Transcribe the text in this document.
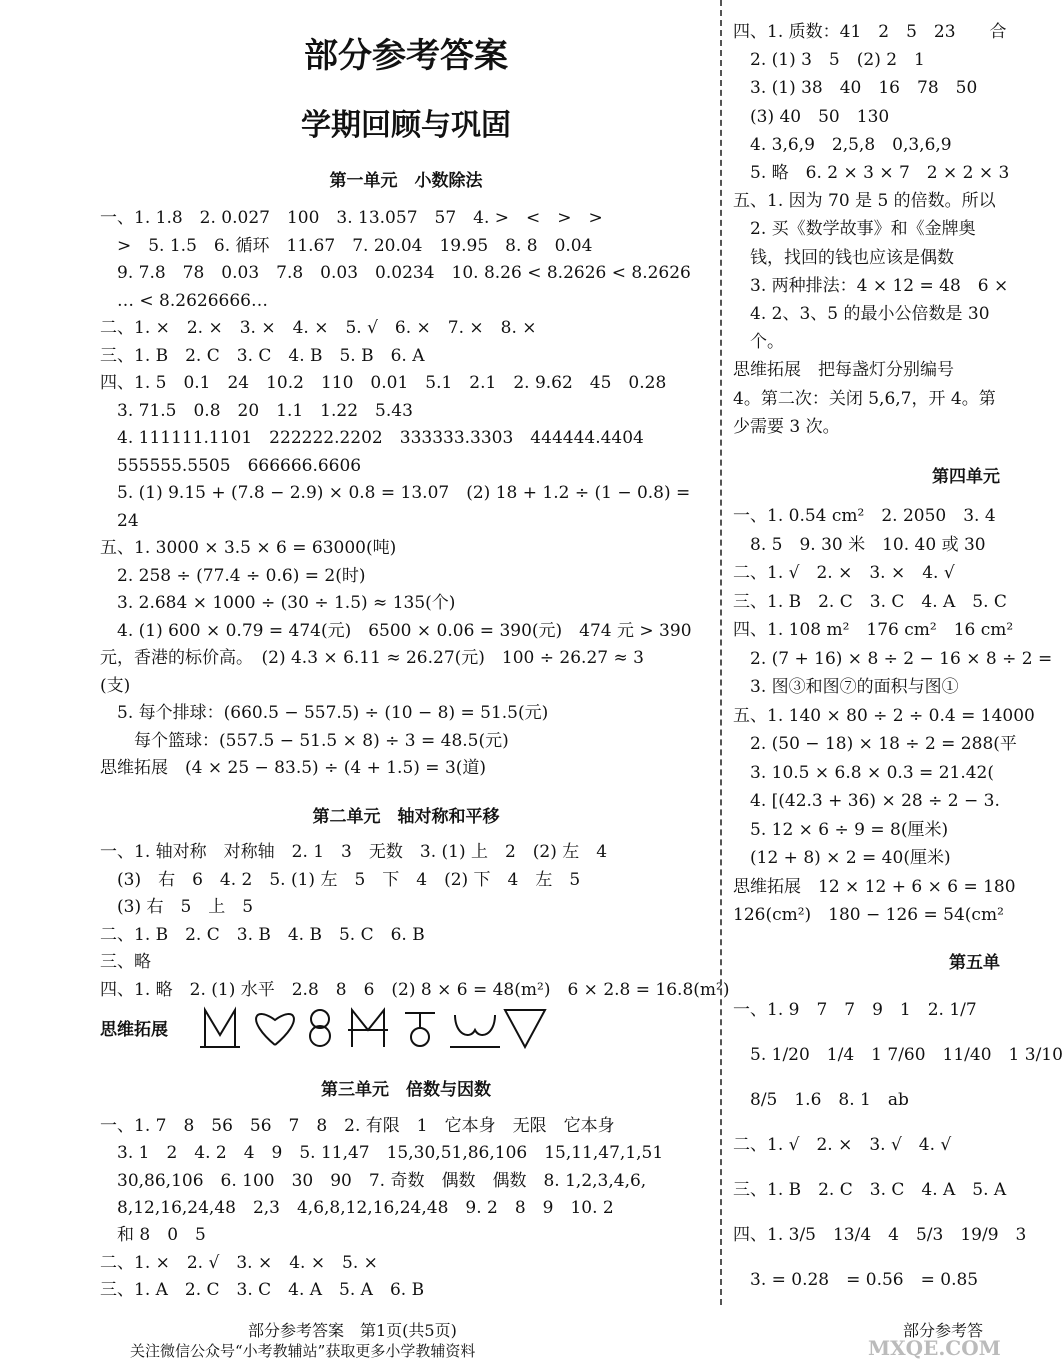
部分参考答案
学期回顾与巩固
第一单元　小数除法
一、1. 1.8　2. 0.027　100　3. 13.057　57　4. >　<　>　>
　>　5. 1.5　6. 循环　11.67　7. 20.04　19.95　8. 8　0.04
　9. 7.8　78　0.03　7.8　0.03　0.0234　10. 8.26 < 8.2626 < 8.2626
　… < 8.2626666…
二、1. ×　2. ×　3. ×　4. ×　5. √　6. ×　7. ×　8. ×
三、1. B　2. C　3. C　4. B　5. B　6. A
四、1. 5　0.1　24　10.2　110　0.01　5.1　2.1　2. 9.62　45　0.28
　3. 71.5　0.8　20　1.1　1.22　5.43
　4. 111111.1101　222222.2202　333333.3303　444444.4404
　555555.5505　666666.6606
　5. (1) 9.15 + (7.8 − 2.9) × 0.8 = 13.07　(2) 18 + 1.2 ÷ (1 − 0.8) =
　24
五、1. 3000 × 3.5 × 6 = 63000(吨)
　2. 258 ÷ (77.4 ÷ 0.6) = 2(时)
　3. 2.684 × 1000 ÷ (30 ÷ 1.5) ≈ 135(个)
　4. (1) 600 × 0.79 = 474(元)　6500 × 0.06 = 390(元)　474 元 > 390
元，香港的标价高。　(2) 4.3 × 6.11 ≈ 26.27(元)　100 ÷ 26.27 ≈ 3
(支)
　5. 每个排球：(660.5 − 557.5) ÷ (10 − 8) = 51.5(元)
　　每个篮球：(557.5 − 51.5 × 8) ÷ 3 = 48.5(元)
思维拓展　(4 × 25 − 83.5) ÷ (4 + 1.5) = 3(道)
第二单元　轴对称和平移
一、1. 轴对称　对称轴　2. 1　3　无数　3. (1) 上　2　(2) 左　4
　(3)　右　6　4. 2　5. (1) 左　5　下　4　(2) 下　4　左　5
　(3) 右　5　上　5
二、1. B　2. C　3. B　4. B　5. C　6. B
三、略
四、1. 略　2. (1) 水平　2.8　8　6　(2) 8 × 6 = 48(m²)　6 × 2.8 = 16.8(m²)
思维拓展
第三单元　倍数与因数
一、1. 7　8　56　56　7　8　2. 有限　1　它本身　无限　它本身
　3. 1　2　4. 2　4　9　5. 11,47　15,30,51,86,106　15,11,47,1,51
　30,86,106　6. 100　30　90　7. 奇数　偶数　偶数　8. 1,2,3,4,6,
　8,12,16,24,48　2,3　4,6,8,12,16,24,48　9. 2　8　9　10. 2
　和 8　0　5
二、1. ×　2. √　3. ×　4. ×　5. ×
三、1. A　2. C　3. C　4. A　5. A　6. B
部分参考答案　第1页(共5页)
关注微信公众号“小考教辅站”获取更多小学教辅资料
四、1. 质数：41　2　5　23　　合
　2. (1) 3　5　(2) 2　1
　3. (1) 38　40　16　78　50
　(3) 40　50　130
　4. 3,6,9　2,5,8　0,3,6,9
　5. 略　6. 2 × 3 × 7　2 × 2 × 3
五、1. 因为 70 是 5 的倍数。所以
　2. 买《数学故事》和《金牌奥
　钱，找回的钱也应该是偶数
　3. 两种排法：4 × 12 = 48　6 ×
　4. 2、3、5 的最小公倍数是 30
　个。
思维拓展　把每盏灯分别编号
4。第二次：关闭 5,6,7，开 4。第
少需要 3 次。
第四单元
一、1. 0.54 cm²　2. 2050　3. 4
　8. 5　9. 30 米　10. 40 或 30
二、1. √　2. ×　3. ×　4. √
三、1. B　2. C　3. C　4. A　5. C
四、1. 108 m²　176 cm²　16 cm²
　2. (7 + 16) × 8 ÷ 2 − 16 × 8 ÷ 2 =
　3. 图③和图⑦的面积与图①
五、1. 140 × 80 ÷ 2 ÷ 0.4 = 14000
　2. (50 − 18) × 18 ÷ 2 = 288(平
　3. 10.5 × 6.8 × 0.3 = 21.42(
　4. [(42.3 + 36) × 28 ÷ 2 − 3.
　5. 12 × 6 ÷ 9 = 8(厘米)
　(12 + 8) × 2 = 40(厘米)
思维拓展　12 × 12 + 6 × 6 = 180
126(cm²)　180 − 126 = 54(cm²
第五单
一、1. 9　7　7　9　1　2. 1/7
　5. 1/20　1/4　1 7/60　11/40　1 3/10
　8/5　1.6　8. 1　ab
二、1. √　2. ×　3. √　4. √
三、1. B　2. C　3. C　4. A　5. A
四、1. 3/5　13/4　4　5/3　19/9　3
　3. = 0.28　= 0.56　= 0.85
部分参考答
MXQE.COM
